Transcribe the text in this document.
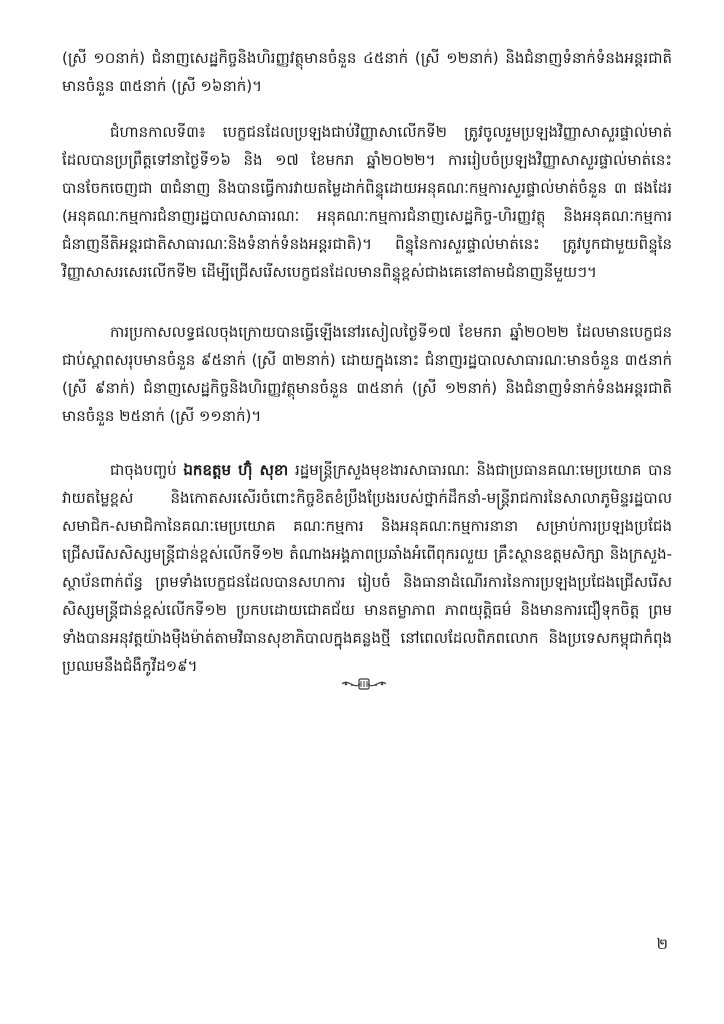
(ស្រី ១០នាក់) ជំនាញសេដ្ឋកិច្ចនិងហិរញ្ញវត្ថុមានចំនួន ៤៥នាក់ (ស្រី ១២នាក់) និងជំនាញទំនាក់ទំនងអន្តរជាតិមានចំនួន ៣៥នាក់ (ស្រី ១៦នាក់)។

ជំហានកាលទី៣៖ បេក្ខជនដែលប្រឡងជាប់វិញ្ញាសាលើកទី២ ត្រូវចូលរួមប្រឡងវិញ្ញាសាសួរផ្ទាល់មាត់ ដែលបានប្រព្រឹត្តទៅនាថ្ងៃទី១៦ និង ១៧ ខែមករា ឆ្នាំ២០២២។ ការរៀបចំប្រឡងវិញ្ញាសាសួរផ្ទាល់មាត់នេះ បានចែកចេញជា ៣ជំនាញ និងបានធ្វើការវាយតម្លៃដាក់ពិន្ទុដោយអនុគណៈកម្មការសួរផ្ទាល់មាត់ចំនួន ៣ ផងដែរ (អនុគណៈកម្មការជំនាញរដ្ឋបាលសាធារណៈ អនុគណៈកម្មការជំនាញសេដ្ឋកិច្ច-ហិរញ្ញវត្ថុ និងអនុគណៈកម្មការជំនាញនីតិអន្តរជាតិសាធារណៈនិងទំនាក់ទំនងអន្តរជាតិ)។ ពិន្ទុនៃការសួរផ្ទាល់មាត់នេះ ត្រូវបូកជាមួយពិន្ទុនៃវិញ្ញាសាសរសេរលើកទី២ ដើម្បីជ្រើសរើសបេក្ខជនដែលមានពិន្ទុខ្ពស់ជាងគេនៅតាមជំនាញនីមួយៗ។

ការប្រកាសលទ្ធផលចុងក្រោយបានធ្វើឡើងនៅរសៀលថ្ងៃទី១៧ ខែមករា ឆ្នាំ២០២២ ដែលមានបេក្ខជនជាប់ស្ពាពសរុបមានចំនួន ៩៥នាក់ (ស្រី ៣២នាក់) ដោយក្នុងនោះ ជំនាញរដ្ឋបាលសាធារណៈមានចំនួន ៣៥នាក់ (ស្រី ៩នាក់) ជំនាញសេដ្ឋកិច្ចនិងហិរញ្ញវត្ថុមានចំនួន ៣៥នាក់ (ស្រី ១២នាក់) និងជំនាញទំនាក់ទំនងអន្តរជាតិមានចំនួន ២៥នាក់ (ស្រី ១១នាក់)។

ជាចុងបញ្ចប់ ឯកឧត្តម ហ៊ុំ សុខា រដ្ឋមន្ត្រីក្រសួងមុខងារសាធារណៈ និងជាប្រធានគណៈមេប្រយោគ បានវាយតម្លៃខ្ពស់ និងកោតសរសើរចំពោះកិច្ចខិតខំប្រឹងប្រែងរបស់ថ្នាក់ដឹកនាំ-មន្ត្រីរាជការនៃសាលាភូមិន្ទរដ្ឋបាល សមាជិក-សមាជិកានៃគណៈមេប្រយោគ គណៈកម្មការ និងអនុគណៈកម្មការនានា សម្រាប់ការប្រឡងប្រជែងជ្រើសរើសសិស្សមន្ត្រីជាន់ខ្ពស់លើកទី១២ តំណាងអង្គភាពប្រឆាំងអំពើពុករលួយ គ្រឹះស្ថានឧត្តមសិក្សា និងក្រសួង-ស្ថាប័នពាក់ព័ន្ធ ព្រមទាំងបេក្ខជនដែលបានសហការ រៀបចំ និងធានាដំណើរការនៃការប្រឡងប្រជែងជ្រើសរើសសិស្សមន្ត្រីជាន់ខ្ពស់លើកទី១២ ប្រកបដោយជោគជ័យ មានតម្លាភាព ភាពយុត្តិធម៌ និងមានការជឿទុកចិត្ត ព្រមទាំងបានអនុវត្តយ៉ាងម៉ឺងម៉ាត់តាមវិធានសុខាភិបាលក្នុងគន្លងថ្មី នៅពេលដែលពិភពលោក និងប្រទេសកម្ពុជាកំពុងប្រឈមនឹងជំងឺកូវីដ១៩។

២
